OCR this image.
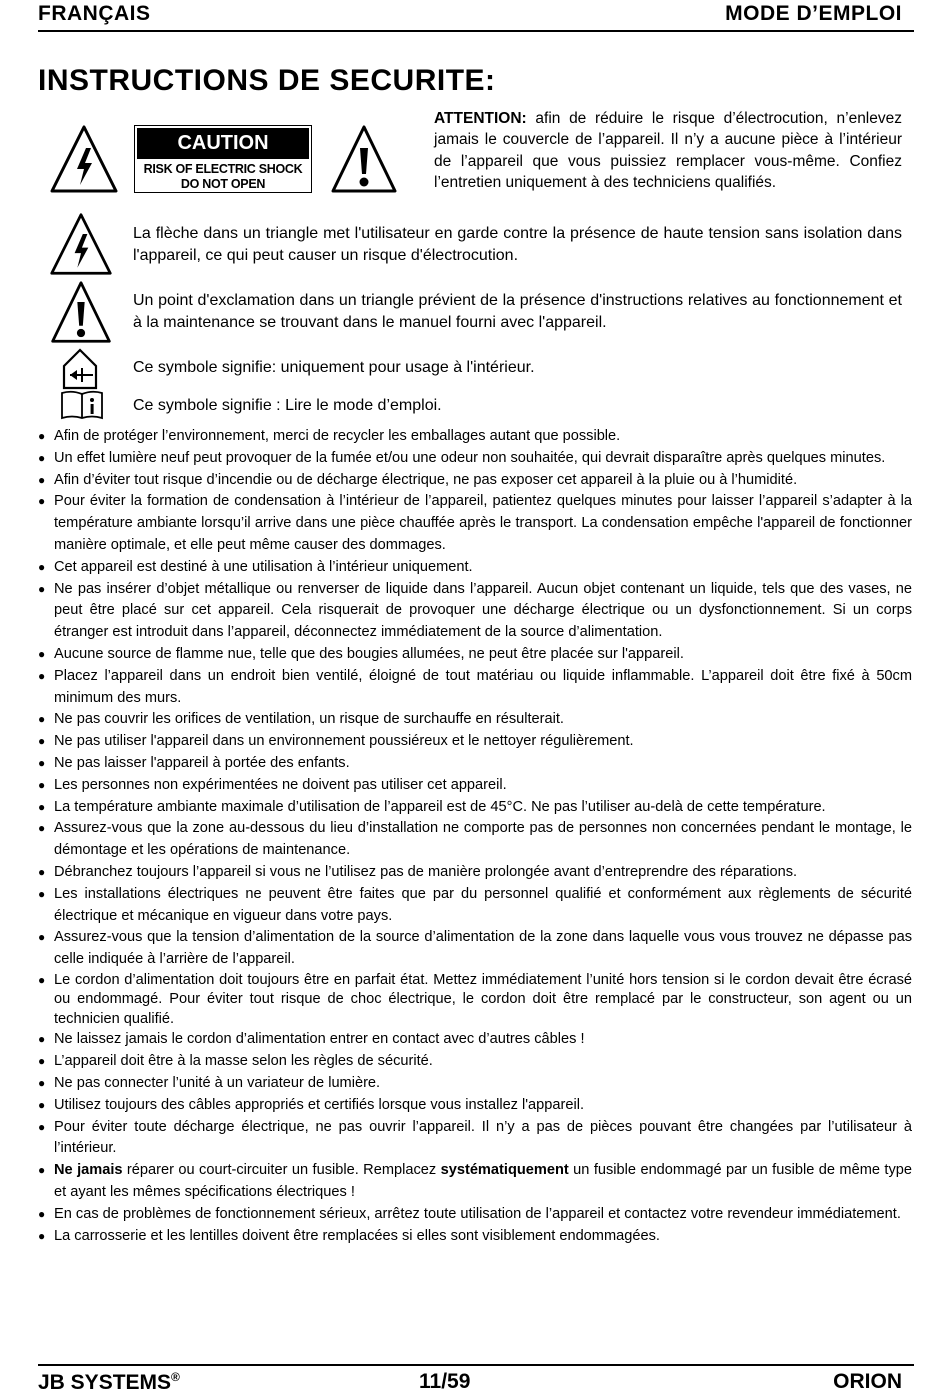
FRANÇAIS	MODE D’EMPLOI
INSTRUCTIONS DE SECURITE:
CAUTION
RISK OF ELECTRIC SHOCK
DO NOT OPEN
ATTENTION: afin de réduire le risque d’électrocution, n’enlevez jamais le couvercle de l’appareil. Il n’y a aucune pièce à l’intérieur de l’appareil que vous puissiez remplacer vous-même. Confiez l’entretien uniquement à des techniciens qualifiés.
La flèche dans un triangle met l'utilisateur en garde contre la présence de haute tension sans isolation dans l'appareil, ce qui peut causer un risque d'électrocution.
Un point d'exclamation dans un triangle prévient de la présence d'instructions relatives au fonctionnement et à la maintenance se trouvant dans le manuel fourni avec l'appareil.
Ce symbole signifie: uniquement pour usage à l'intérieur.
Ce symbole signifie : Lire le mode d’emploi.
● Afin de protéger l’environnement, merci de recycler les emballages autant que possible.
● Un effet lumière neuf peut provoquer de la fumée et/ou une odeur non souhaitée, qui devrait disparaître après quelques minutes.
● Afin d’éviter tout risque d’incendie ou de décharge électrique, ne pas exposer cet appareil à la pluie ou à l’humidité.
● Pour éviter la formation de condensation à l’intérieur de l’appareil, patientez quelques minutes pour laisser l’appareil s’adapter à la température ambiante lorsqu’il arrive dans une pièce chauffée après le transport. La condensation empêche l'appareil de fonctionner manière optimale, et elle peut même causer des dommages.
● Cet appareil est destiné à une utilisation à l’intérieur uniquement.
● Ne pas insérer d’objet métallique ou renverser de liquide dans l’appareil. Aucun objet contenant un liquide, tels que des vases, ne peut être placé sur cet appareil. Cela risquerait de provoquer une décharge électrique ou un dysfonctionnement. Si un corps étranger est introduit dans l’appareil, déconnectez immédiatement de la source d’alimentation.
● Aucune source de flamme nue, telle que des bougies allumées, ne peut être placée sur l'appareil.
● Placez l’appareil dans un endroit bien ventilé, éloigné de tout matériau ou liquide inflammable. L’appareil doit être fixé à 50cm minimum des murs.
● Ne pas couvrir les orifices de ventilation, un risque de surchauffe en résulterait.
● Ne pas utiliser l'appareil dans un environnement poussiéreux et le nettoyer régulièrement.
● Ne pas laisser l'appareil à portée des enfants.
● Les personnes non expérimentées ne doivent pas utiliser cet appareil.
● La température ambiante maximale d’utilisation de l’appareil est de 45°C. Ne pas l’utiliser au-delà de cette température.
● Assurez-vous que la zone au-dessous du lieu d’installation ne comporte pas de personnes non concernées pendant le montage, le démontage et les opérations de maintenance.
● Débranchez toujours l’appareil si vous ne l’utilisez pas de manière prolongée avant d’entreprendre des réparations.
● Les installations électriques ne peuvent être faites que par du personnel qualifié et conformément aux règlements de sécurité électrique et mécanique en vigueur dans votre pays.
● Assurez-vous que la tension d’alimentation de la source d’alimentation de la zone dans laquelle vous vous trouvez ne dépasse pas celle indiquée à l’arrière de l’appareil.
● Le cordon d’alimentation doit toujours être en parfait état. Mettez immédiatement l’unité hors tension si le cordon devait être écrasé ou endommagé. Pour éviter tout risque de choc électrique, le cordon doit être remplacé par le constructeur, son agent ou un technicien qualifié.
● Ne laissez jamais le cordon d’alimentation entrer en contact avec d’autres câbles !
● L’appareil doit être à la masse selon les règles de sécurité.
● Ne pas connecter l’unité à un variateur de lumière.
● Utilisez toujours des câbles appropriés et certifiés lorsque vous installez l'appareil.
● Pour éviter toute décharge électrique, ne pas ouvrir l’appareil. Il n’y a pas de pièces pouvant être changées par l’utilisateur à l’intérieur.
● Ne jamais réparer ou court-circuiter un fusible. Remplacez systématiquement un fusible endommagé par un fusible de même type et ayant les mêmes spécifications électriques !
● En cas de problèmes de fonctionnement sérieux, arrêtez toute utilisation de l’appareil et contactez votre revendeur immédiatement.
● La carrosserie et les lentilles doivent être remplacées si elles sont visiblement endommagées.
JB SYSTEMS®	11/59	ORION
